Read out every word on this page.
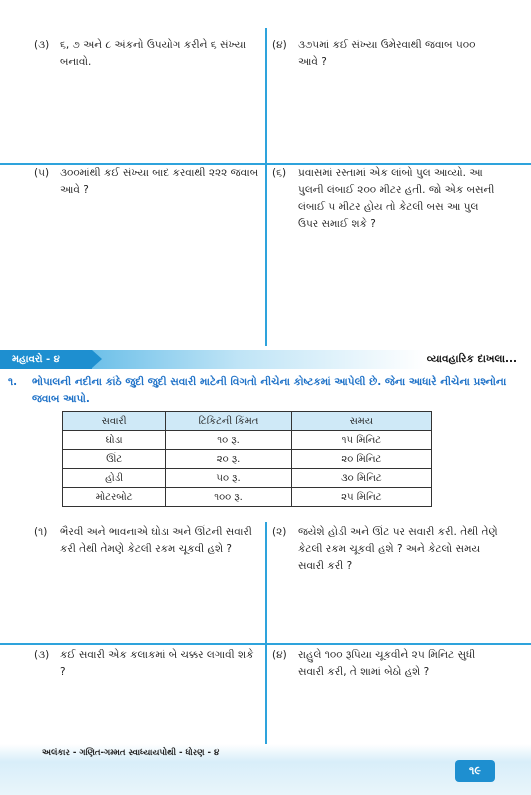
(૩)	૬, ૭ અને ૮ અંકનો ઉપયોગ કરીને ૬ સંખ્યા બનાવો.
(૪)	૩૭૫માં કઈ સંખ્યા ઉમેરવાથી જવાબ ૫૦૦ આવે ?
(૫)	૩૦૦માંથી કઈ સંખ્યા બાદ કરવાથી ૨૨૨ જવાબ આવે ?
(૬)	પ્રવાસમાં રસ્તામાં એક લાંબો પુલ આવ્યો. આ પુલની લંબાઈ ૨૦૦ મીટર હતી. જો એક બસની લંબાઈ ૫ મીટર હોય તો કેટલી બસ આ પુલ ઉપર સમાઈ શકે ?
મહાવરો - ૪	વ્યાવહારિક દાખલા...
૧. ભોપાલની નદીના કાંઠે જુદી જુદી સવારી માટેની વિગતો નીચેના કોષ્ટકમાં આપેલી છે. જેના આધારે નીચેના પ્રશ્નોના જવાબ આપો.
સવારી	ટિકિટની કિંમત	સમય
ઘોડા	૧૦ રૂ.	૧૫ મિનિટ
ઊંટ	૨૦ રૂ.	૨૦ મિનિટ
હોડી	૫૦ રૂ.	૩૦ મિનિટ
મોટરબોટ	૧૦૦ રૂ.	૨૫ મિનિટ
(૧)	ભૈરવી અને ભાવનાએ ઘોડા અને ઊંટની સવારી કરી તેથી તેમણે કેટલી રકમ ચૂકવી હશે ?
(૨)	જયેશે હોડી અને ઊંટ પર સવારી કરી. તેથી તેણે કેટલી રકમ ચૂકવી હશે ? અને કેટલો સમય સવારી કરી ?
(૩)	કઈ સવારી એક કલાકમાં બે ચક્કર લગાવી શકે ?
(૪)	રાહુલે ૧૦૦ રૂપિયા ચૂકવીને ૨૫ મિનિટ સુધી સવારી કરી, તે શામાં બેઠો હશે ?
અલંકાર - ગણિત-ગમ્મત સ્વાધ્યાયપોથી - ધોરણ - ૪
૧૯
